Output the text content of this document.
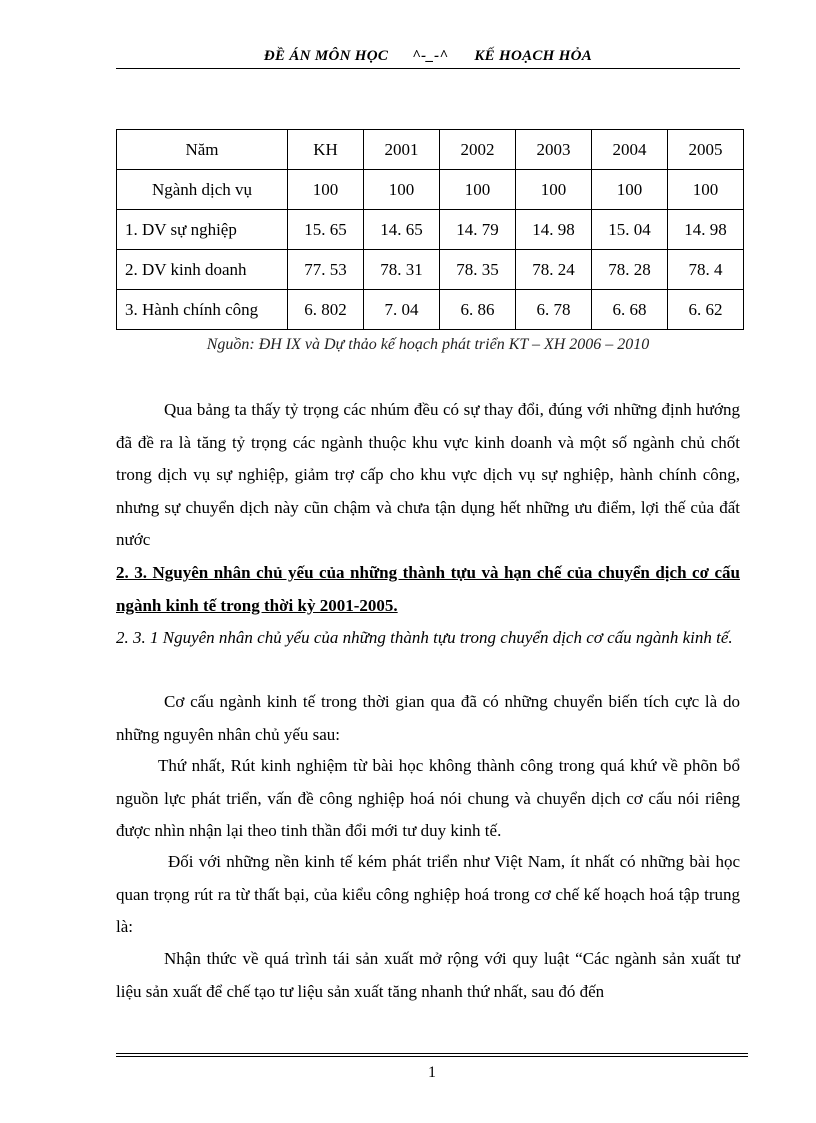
ĐỀ ÁN MÔN HỌC ^-_-^ KẾ HOẠCH HỎA
Năm	KH	2001	2002	2003	2004	2005
Ngành dịch vụ	100	100	100	100	100	100
1. DV sự nghiệp	15. 65	14. 65	14. 79	14. 98	15. 04	14. 98
2. DV kinh doanh	77. 53	78. 31	78. 35	78. 24	78. 28	78. 4
3. Hành chính công	6. 802	7. 04	6. 86	6. 78	6. 68	6. 62
Nguồn: ĐH IX và Dự thảo kế hoạch phát triển KT – XH 2006 – 2010
Qua bảng ta thấy tỷ trọng các nhúm đều có sự thay đổi, đúng với những định hướng đã đề ra là tăng tỷ trọng các ngành thuộc khu vực kinh doanh và một số ngành chủ chốt trong dịch vụ sự nghiệp, giảm trợ cấp cho khu vực dịch vụ sự nghiệp, hành chính công, nhưng sự chuyển dịch này cũn chậm và chưa tận dụng hết những ưu điểm, lợi thế của đất nước
2. 3. Nguyên nhân chủ yếu của những thành tựu và hạn chế của chuyển dịch cơ cấu ngành kinh tế trong thời kỳ 2001-2005.
2. 3. 1 Nguyên nhân chủ yếu của những thành tựu trong chuyển dịch cơ cấu ngành kinh tế.
Cơ cấu ngành kinh tế trong thời gian qua đã có những chuyển biến tích cực là do những nguyên nhân chủ yếu sau:
Thứ nhất, Rút kinh nghiệm từ bài học không thành công trong quá khứ về phõn bổ nguồn lực phát triển, vấn đề công nghiệp hoá nói chung và chuyển dịch cơ cấu nói riêng được nhìn nhận lại theo tinh thần đổi mới tư duy kinh tế.
Đối với những nền kinh tế kém phát triển như Việt Nam, ít nhất có những bài học quan trọng rút ra từ thất bại, của kiểu công nghiệp hoá trong cơ chế kế hoạch hoá tập trung là:
Nhận thức về quá trình tái sản xuất mở rộng với quy luật “Các ngành sản xuất tư liệu sản xuất để chế tạo tư liệu sản xuất tăng nhanh thứ nhất, sau đó đến
1
